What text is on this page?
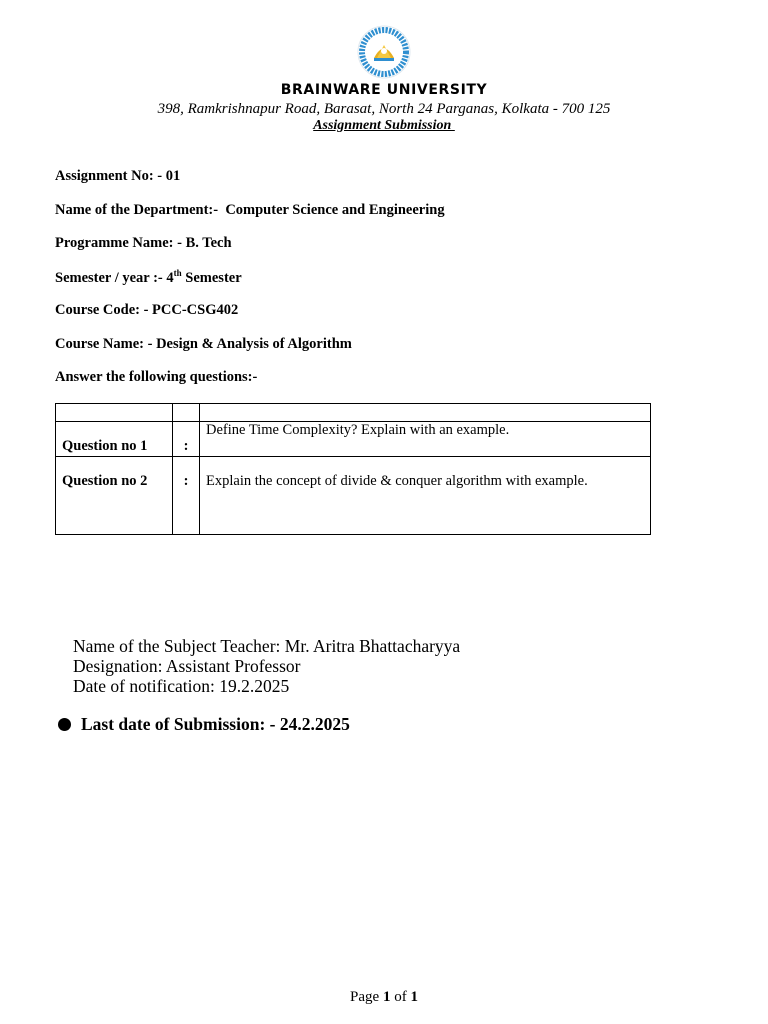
BRAINWARE UNIVERSITY
398, Ramkrishnapur Road, Barasat, North 24 Parganas, Kolkata - 700 125
Assignment Submission
Assignment No: - 01
Name of the Department:-  Computer Science and Engineering
Programme Name: - B. Tech
Semester / year :- 4th Semester
Course Code: - PCC-CSG402
Course Name: - Design & Analysis of Algorithm
Answer the following questions:-

Question no 1	:	Define Time Complexity? Explain with an example.
Question no 2	:	Explain the concept of divide & conquer algorithm with example.
Name of the Subject Teacher: Mr. Aritra Bhattacharyya
Designation: Assistant Professor
Date of notification: 19.2.2025
Last date of Submission: - 24.2.2025
Page 1 of 1
